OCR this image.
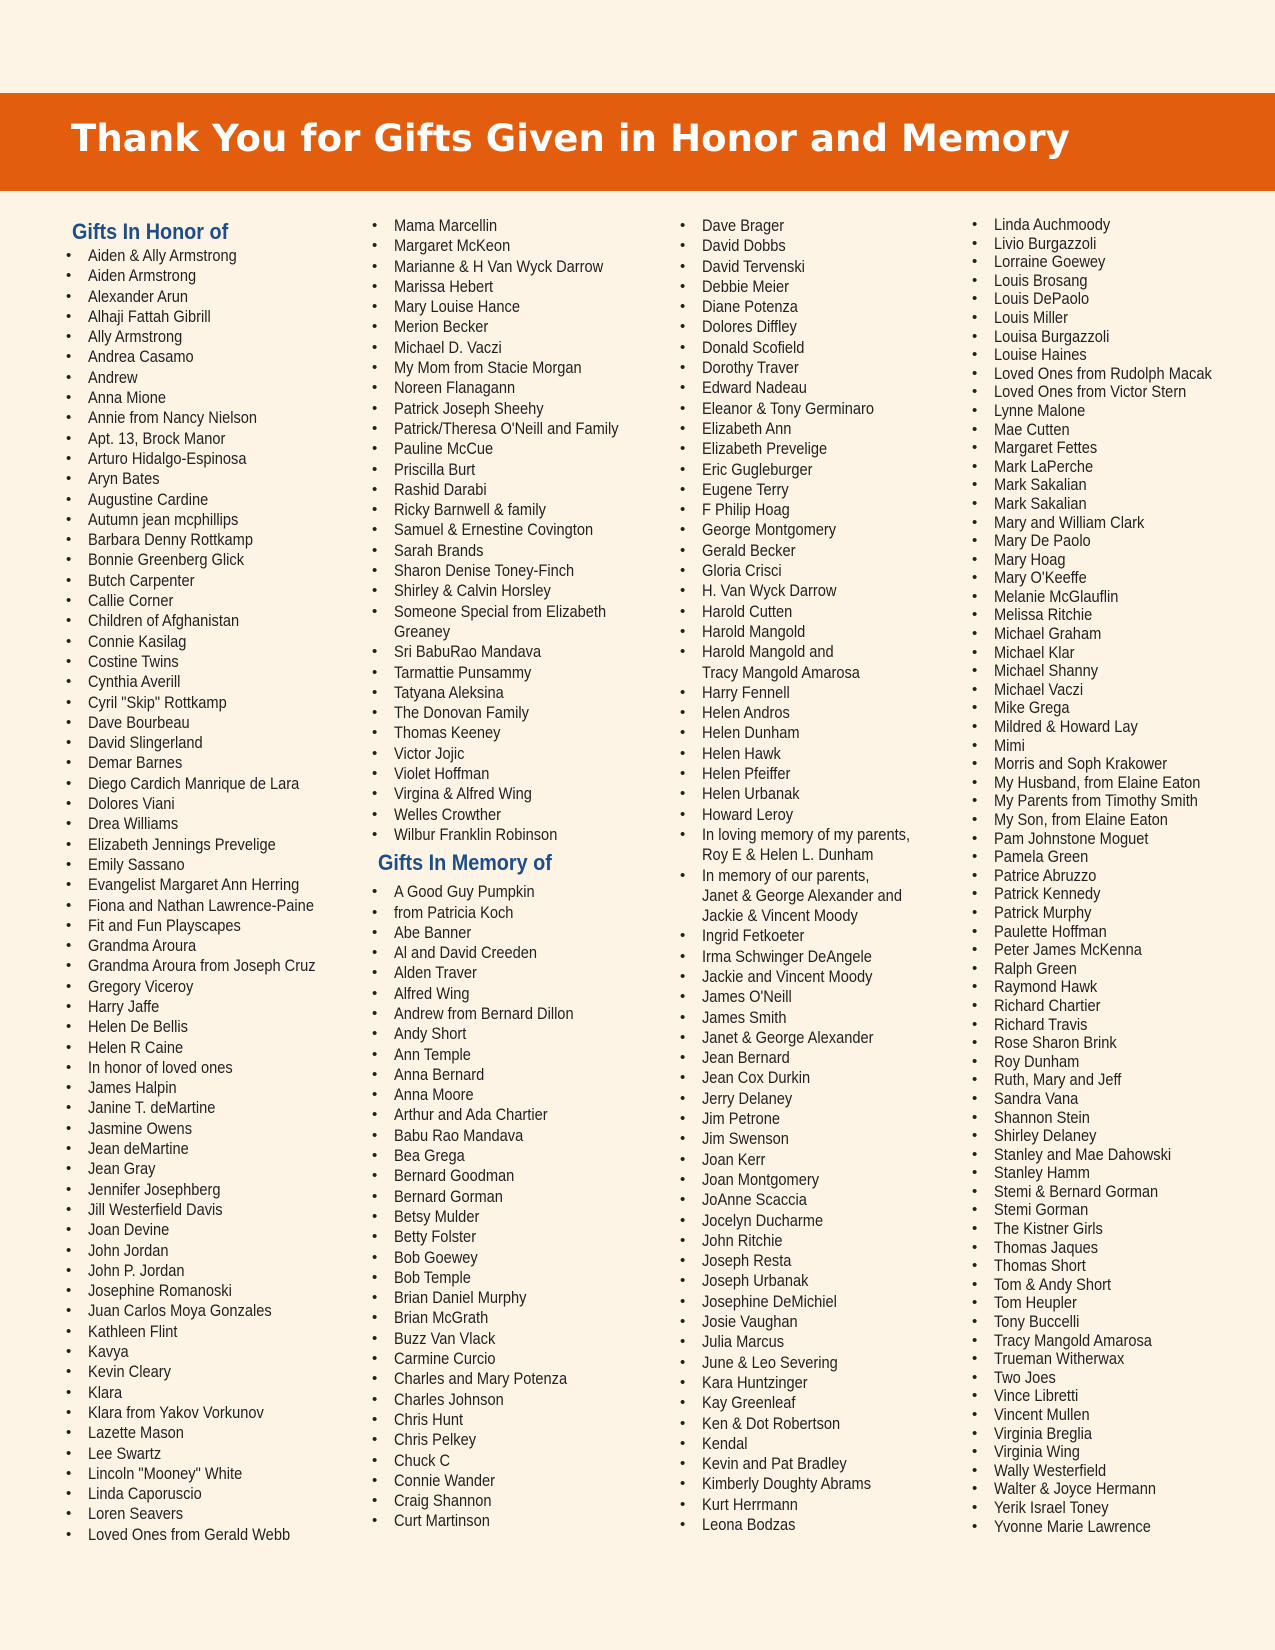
Thank You for Gifts Given in Honor and Memory
Gifts In Honor of
• Aiden & Ally Armstrong
• Aiden Armstrong
• Alexander Arun
• Alhaji Fattah Gibrill
• Ally Armstrong
• Andrea Casamo
• Andrew
• Anna Mione
• Annie from Nancy Nielson
• Apt. 13, Brock Manor
• Arturo Hidalgo-Espinosa
• Aryn Bates
• Augustine Cardine
• Autumn jean mcphillips
• Barbara Denny Rottkamp
• Bonnie Greenberg Glick
• Butch Carpenter
• Callie Corner
• Children of Afghanistan
• Connie Kasilag
• Costine Twins
• Cynthia Averill
• Cyril "Skip" Rottkamp
• Dave Bourbeau
• David Slingerland
• Demar Barnes
• Diego Cardich Manrique de Lara
• Dolores Viani
• Drea Williams
• Elizabeth Jennings Prevelige
• Emily Sassano
• Evangelist Margaret Ann Herring
• Fiona and Nathan Lawrence-Paine
• Fit and Fun Playscapes
• Grandma Aroura
• Grandma Aroura from Joseph Cruz
• Gregory Viceroy
• Harry Jaffe
• Helen De Bellis
• Helen R Caine
• In honor of loved ones
• James Halpin
• Janine T. deMartine
• Jasmine Owens
• Jean deMartine
• Jean Gray
• Jennifer Josephberg
• Jill Westerfield Davis
• Joan Devine
• John Jordan
• John P. Jordan
• Josephine Romanoski
• Juan Carlos Moya Gonzales
• Kathleen Flint
• Kavya
• Kevin Cleary
• Klara
• Klara from Yakov Vorkunov
• Lazette Mason
• Lee Swartz
• Lincoln "Mooney" White
• Linda Caporuscio
• Loren Seavers
• Loved Ones from Gerald Webb
• Mama Marcellin
• Margaret McKeon
• Marianne & H Van Wyck Darrow
• Marissa Hebert
• Mary Louise Hance
• Merion Becker
• Michael D. Vaczi
• My Mom from Stacie Morgan
• Noreen Flanagann
• Patrick Joseph Sheehy
• Patrick/Theresa O'Neill and Family
• Pauline McCue
• Priscilla Burt
• Rashid Darabi
• Ricky Barnwell & family
• Samuel & Ernestine Covington
• Sarah Brands
• Sharon Denise Toney-Finch
• Shirley & Calvin Horsley
• Someone Special from Elizabeth
Greaney
• Sri BabuRao Mandava
• Tarmattie Punsammy
• Tatyana Aleksina
• The Donovan Family
• Thomas Keeney
• Victor Jojic
• Violet Hoffman
• Virgina & Alfred Wing
• Welles Crowther
• Wilbur Franklin Robinson
Gifts In Memory of
• A Good Guy Pumpkin
• from Patricia Koch
• Abe Banner
• Al and David Creeden
• Alden Traver
• Alfred Wing
• Andrew from Bernard Dillon
• Andy Short
• Ann Temple
• Anna Bernard
• Anna Moore
• Arthur and Ada Chartier
• Babu Rao Mandava
• Bea Grega
• Bernard Goodman
• Bernard Gorman
• Betsy Mulder
• Betty Folster
• Bob Goewey
• Bob Temple
• Brian Daniel Murphy
• Brian McGrath
• Buzz Van Vlack
• Carmine Curcio
• Charles and Mary Potenza
• Charles Johnson
• Chris Hunt
• Chris Pelkey
• Chuck C
• Connie Wander
• Craig Shannon
• Curt Martinson
• Dave Brager
• David Dobbs
• David Tervenski
• Debbie Meier
• Diane Potenza
• Dolores Diffley
• Donald Scofield
• Dorothy Traver
• Edward Nadeau
• Eleanor & Tony Germinaro
• Elizabeth Ann
• Elizabeth Prevelige
• Eric Gugleburger
• Eugene Terry
• F Philip Hoag
• George Montgomery
• Gerald Becker
• Gloria Crisci
• H. Van Wyck Darrow
• Harold Cutten
• Harold Mangold
• Harold Mangold and
Tracy Mangold Amarosa
• Harry Fennell
• Helen Andros
• Helen Dunham
• Helen Hawk
• Helen Pfeiffer
• Helen Urbanak
• Howard Leroy
• In loving memory of my parents,
Roy E & Helen L. Dunham
• In memory of our parents,
Janet & George Alexander and
Jackie & Vincent Moody
• Ingrid Fetkoeter
• Irma Schwinger DeAngele
• Jackie and Vincent Moody
• James O'Neill
• James Smith
• Janet & George Alexander
• Jean Bernard
• Jean Cox Durkin
• Jerry Delaney
• Jim Petrone
• Jim Swenson
• Joan Kerr
• Joan Montgomery
• JoAnne Scaccia
• Jocelyn Ducharme
• John Ritchie
• Joseph Resta
• Joseph Urbanak
• Josephine DeMichiel
• Josie Vaughan
• Julia Marcus
• June & Leo Severing
• Kara Huntzinger
• Kay Greenleaf
• Ken & Dot Robertson
• Kendal
• Kevin and Pat Bradley
• Kimberly Doughty Abrams
• Kurt Herrmann
• Leona Bodzas
• Linda Auchmoody
• Livio Burgazzoli
• Lorraine Goewey
• Louis Brosang
• Louis DePaolo
• Louis Miller
• Louisa Burgazzoli
• Louise Haines
• Loved Ones from Rudolph Macak
• Loved Ones from Victor Stern
• Lynne Malone
• Mae Cutten
• Margaret Fettes
• Mark LaPerche
• Mark Sakalian
• Mark Sakalian
• Mary and William Clark
• Mary De Paolo
• Mary Hoag
• Mary O'Keeffe
• Melanie McGlauflin
• Melissa Ritchie
• Michael Graham
• Michael Klar
• Michael Shanny
• Michael Vaczi
• Mike Grega
• Mildred & Howard Lay
• Mimi
• Morris and Soph Krakower
• My Husband, from Elaine Eaton
• My Parents from Timothy Smith
• My Son, from Elaine Eaton
• Pam Johnstone Moguet
• Pamela Green
• Patrice Abruzzo
• Patrick Kennedy
• Patrick Murphy
• Paulette Hoffman
• Peter James McKenna
• Ralph Green
• Raymond Hawk
• Richard Chartier
• Richard Travis
• Rose Sharon Brink
• Roy Dunham
• Ruth, Mary and Jeff
• Sandra Vana
• Shannon Stein
• Shirley Delaney
• Stanley and Mae Dahowski
• Stanley Hamm
• Stemi & Bernard Gorman
• Stemi Gorman
• The Kistner Girls
• Thomas Jaques
• Thomas Short
• Tom & Andy Short
• Tom Heupler
• Tony Buccelli
• Tracy Mangold Amarosa
• Trueman Witherwax
• Two Joes
• Vince Libretti
• Vincent Mullen
• Virginia Breglia
• Virginia Wing
• Wally Westerfield
• Walter & Joyce Hermann
• Yerik Israel Toney
• Yvonne Marie Lawrence
